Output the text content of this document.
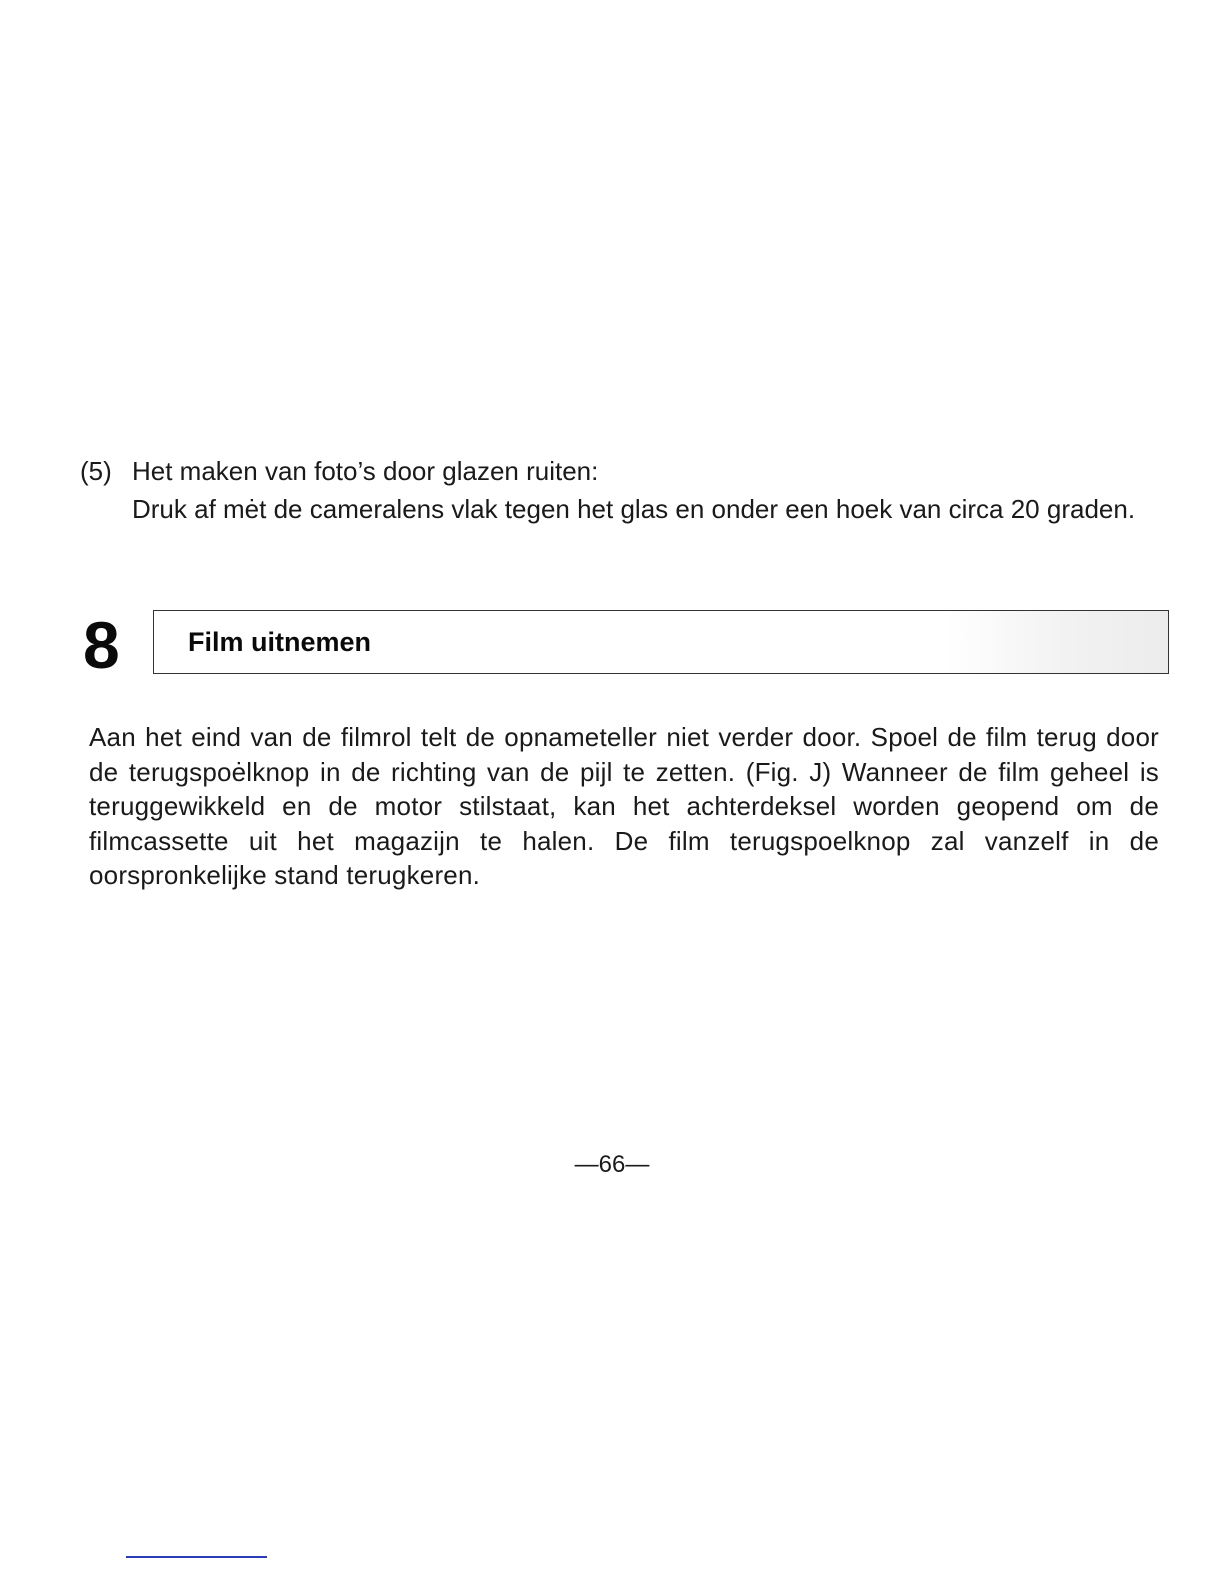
(5) Het maken van foto’s door glazen ruiten:
Druk af mėt de cameralens vlak tegen het glas en onder een hoek van circa 20 graden.
8	Film uitnemen

Aan het eind van de filmrol telt de opnameteller niet verder door. Spoel de film terug door de terugspoėlknop in de richting van de pijl te zetten. (Fig. J) Wanneer de film geheel is teruggewikkeld en de motor stilstaat, kan het achterdeksel worden geopend om de filmcassette uit het magazijn te halen. De film terugspoelknop zal vanzelf in de oorspronkelijke stand terugkeren.

—66—
